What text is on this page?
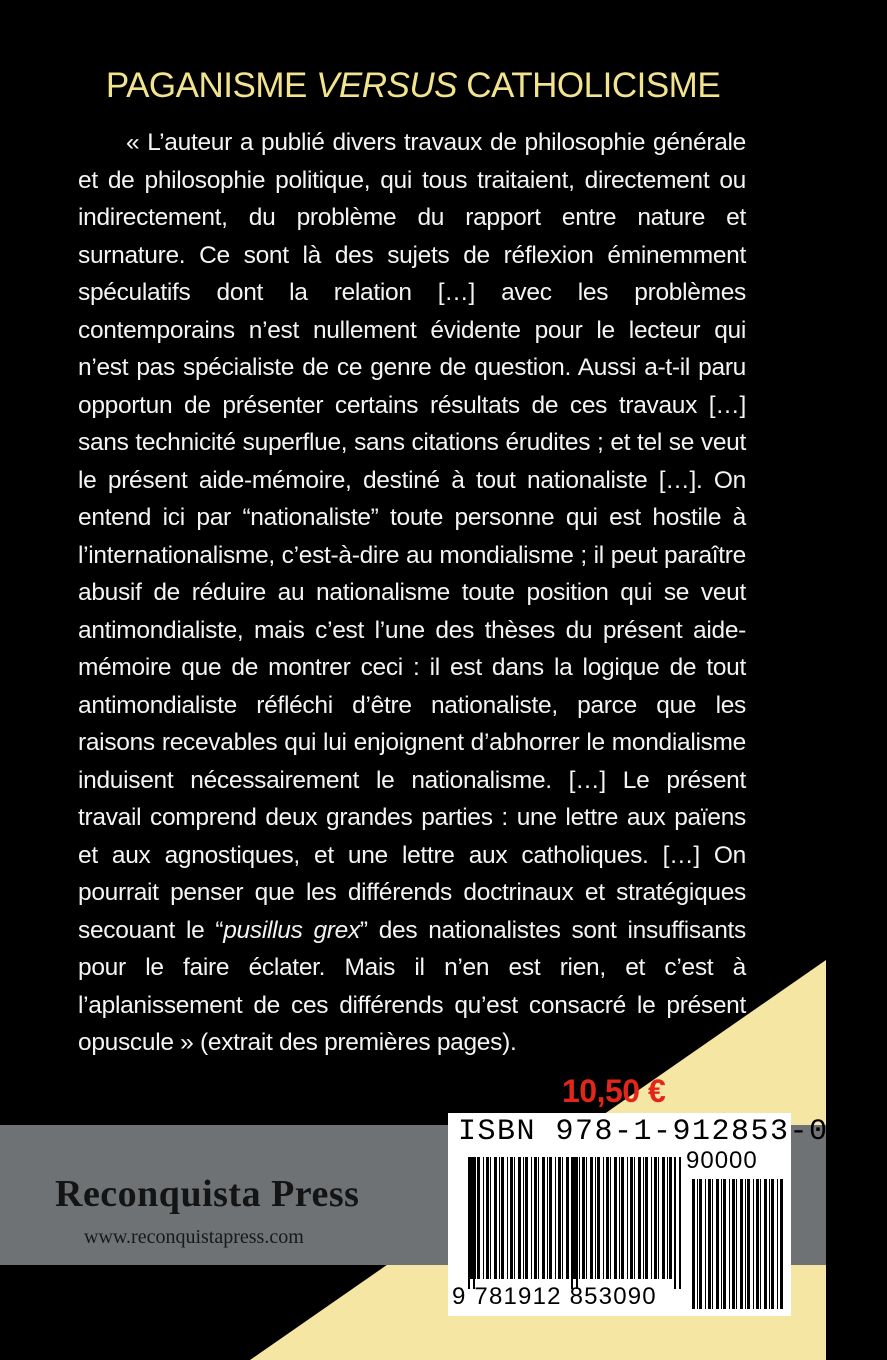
PAGANISME VERSUS CATHOLICISME

« L’auteur a publié divers travaux de philosophie générale et de philosophie politique, qui tous traitaient, directement ou indirectement, du problème du rapport entre nature et surnature. Ce sont là des sujets de réflexion éminemment spéculatifs dont la relation […] avec les problèmes contemporains n’est nullement évidente pour le lecteur qui n’est pas spécialiste de ce genre de question. Aussi a-t-il paru opportun de présenter certains résultats de ces travaux […] sans technicité superflue, sans citations érudites ; et tel se veut le présent aide-mémoire, destiné à tout nationaliste […]. On entend ici par “nationaliste” toute personne qui est hostile à l’internationalisme, c’est-à-dire au mondialisme ; il peut paraître abusif de réduire au nationalisme toute position qui se veut antimondialiste, mais c’est l’une des thèses du présent aide-mémoire que de montrer ceci : il est dans la logique de tout antimondialiste réfléchi d’être nationaliste, parce que les raisons recevables qui lui enjoignent d’abhorrer le mondialisme induisent nécessairement le nationalisme. […] Le présent travail comprend deux grandes parties : une lettre aux païens et aux agnostiques, et une lettre aux catholiques. […] On pourrait penser que les différends doctrinaux et stratégiques secouant le “pusillus grex” des nationalistes sont insuffisants pour le faire éclater. Mais il n’en est rien, et c’est à l’aplanissement de ces différends qu’est consacré le présent opuscule » (extrait des premières pages).

10,50 €
Reconquista Press
www.reconquistapress.com
ISBN 978-1-912853-09-0
90000
9 781912 853090
